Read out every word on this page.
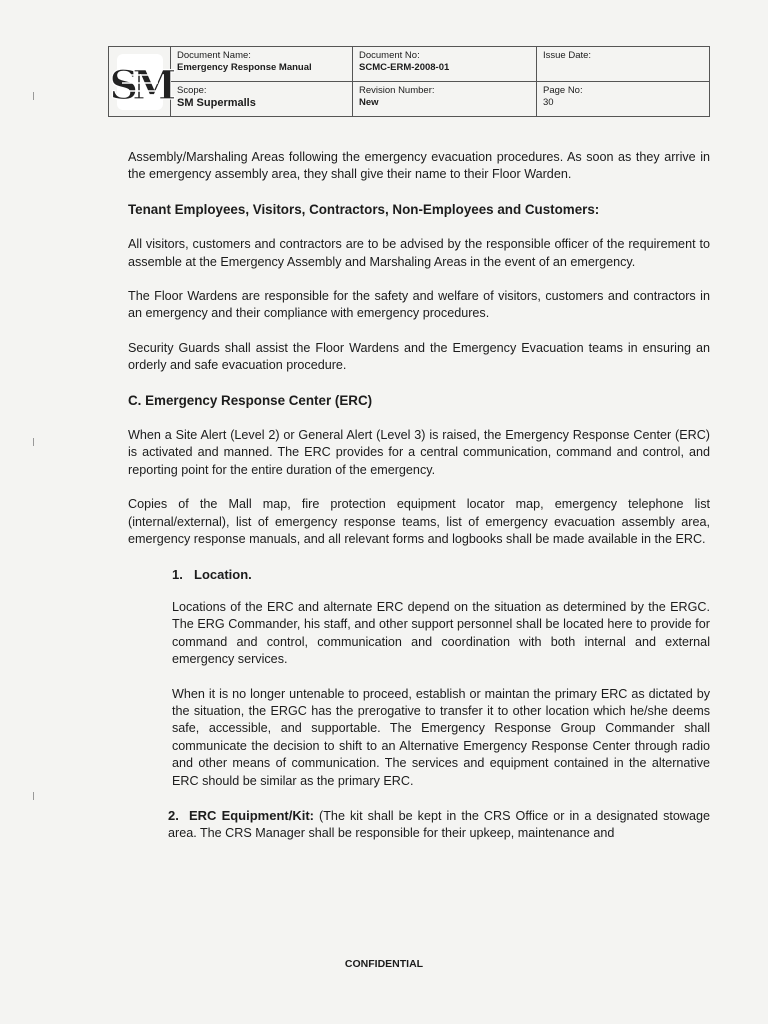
SM
Document Name:
Emergency Response Manual
Document No:
SCMC-ERM-2008-01
Issue Date:
Scope:
SM Supermalls
Revision Number:
New
Page No:
30

Assembly/Marshaling Areas following the emergency evacuation procedures. As soon as they arrive in the emergency assembly area, they shall give their name to their Floor Warden.

Tenant Employees, Visitors, Contractors, Non-Employees and Customers:

All visitors, customers and contractors are to be advised by the responsible officer of the requirement to assemble at the Emergency Assembly and Marshaling Areas in the event of an emergency.

The Floor Wardens are responsible for the safety and welfare of visitors, customers and contractors in an emergency and their compliance with emergency procedures.

Security Guards shall assist the Floor Wardens and the Emergency Evacuation teams in ensuring an orderly and safe evacuation procedure.

C. Emergency Response Center (ERC)

When a Site Alert (Level 2) or General Alert (Level 3) is raised, the Emergency Response Center (ERC) is activated and manned. The ERC provides for a central communication, command and control, and reporting point for the entire duration of the emergency.

Copies of the Mall map, fire protection equipment locator map, emergency telephone list (internal/external), list of emergency response teams, list of emergency evacuation assembly area, emergency response manuals, and all relevant forms and logbooks shall be made available in the ERC.

1. Location.

Locations of the ERC and alternate ERC depend on the situation as determined by the ERGC. The ERG Commander, his staff, and other support personnel shall be located here to provide for command and control, communication and coordination with both internal and external emergency services.

When it is no longer untenable to proceed, establish or maintan the primary ERC as dictated by the situation, the ERGC has the prerogative to transfer it to other location which he/she deems safe, accessible, and supportable. The Emergency Response Group Commander shall communicate the decision to shift to an Alternative Emergency Response Center through radio and other means of communication. The services and equipment contained in the alternative ERC should be similar as the primary ERC.

2. ERC Equipment/Kit: (The kit shall be kept in the CRS Office or in a designated stowage area. The CRS Manager shall be responsible for their upkeep, maintenance and

CONFIDENTIAL
